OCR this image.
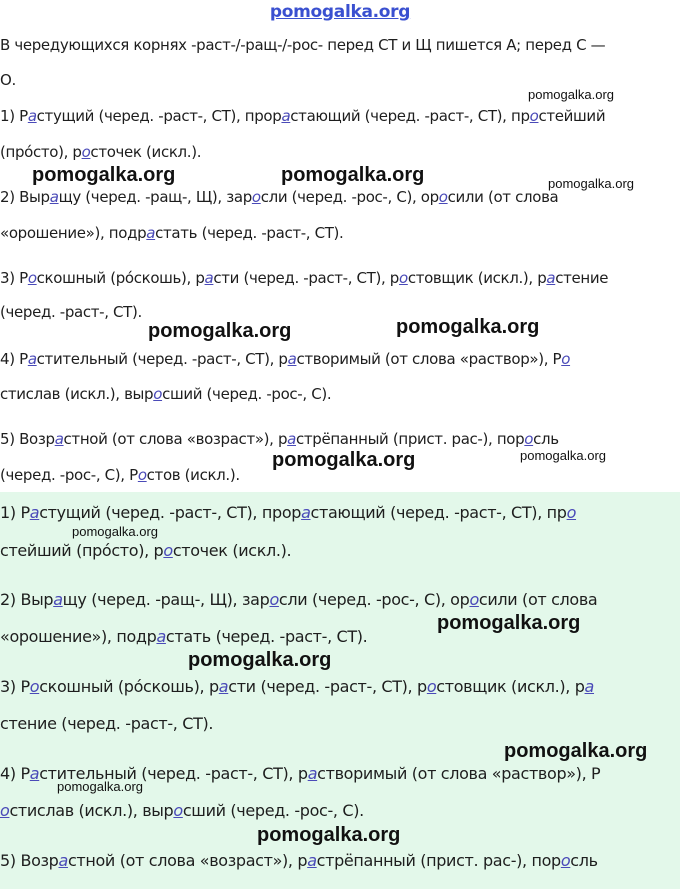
pomogalka.org
В чередующихся корнях -раст-/-ращ-/-рос- перед СТ и Щ пишется А; перед С —
О.
1) Растущий (черед. -раст-, СТ), пpорастающий (черед. -раст-, СТ), простейший
(прóсто), росточек (искл.).
2) Выращу (черед. -ращ-, Щ), заросли (черед. -рос-, С), оросили (от слова
«орошение»), подрастать (черед. -раст-, СТ).
3) Роскошный (рóскошь), расти (черед. -раст-, СТ), ростовщик (искл.), растение
(черед. -раст-, СТ).
4) Растительный (черед. -раст-, СТ), растворимый (от слова «раствор»), Ро
стислав (искл.), выросший (черед. -рос-, С).
5) Возрастной (от слова «возраст»), растрёпанный (прист. рас-), поросль
(черед. -рос-, С), Ростов (искл.).
1) Растущий (черед. -раст-, СТ), пpорастающий (черед. -раст-, СТ), про
стейший (прóсто), росточек (искл.).
2) Выращу (черед. -ращ-, Щ), заросли (черед. -рос-, С), оросили (от слова
«орошение»), подрастать (черед. -раст-, СТ).
3) Роскошный (рóскошь), расти (черед. -раст-, СТ), ростовщик (искл.), ра
стение (черед. -раст-, СТ).
4) Растительный (черед. -раст-, СТ), растворимый (от слова «раствор»), Р
остислав (искл.), выросший (черед. -рос-, С).
5) Возрастной (от слова «возраст»), растрёпанный (прист. рас-), поросль
pomogalka.org
pomogalka.org	pomogalka.org	pomogalka.org
pomogalka.org	pomogalka.org
pomogalka.org	pomogalka.org
pomogalka.org
pomogalka.org
pomogalka.org
pomogalka.org
pomogalka.org
pomogalka.org
